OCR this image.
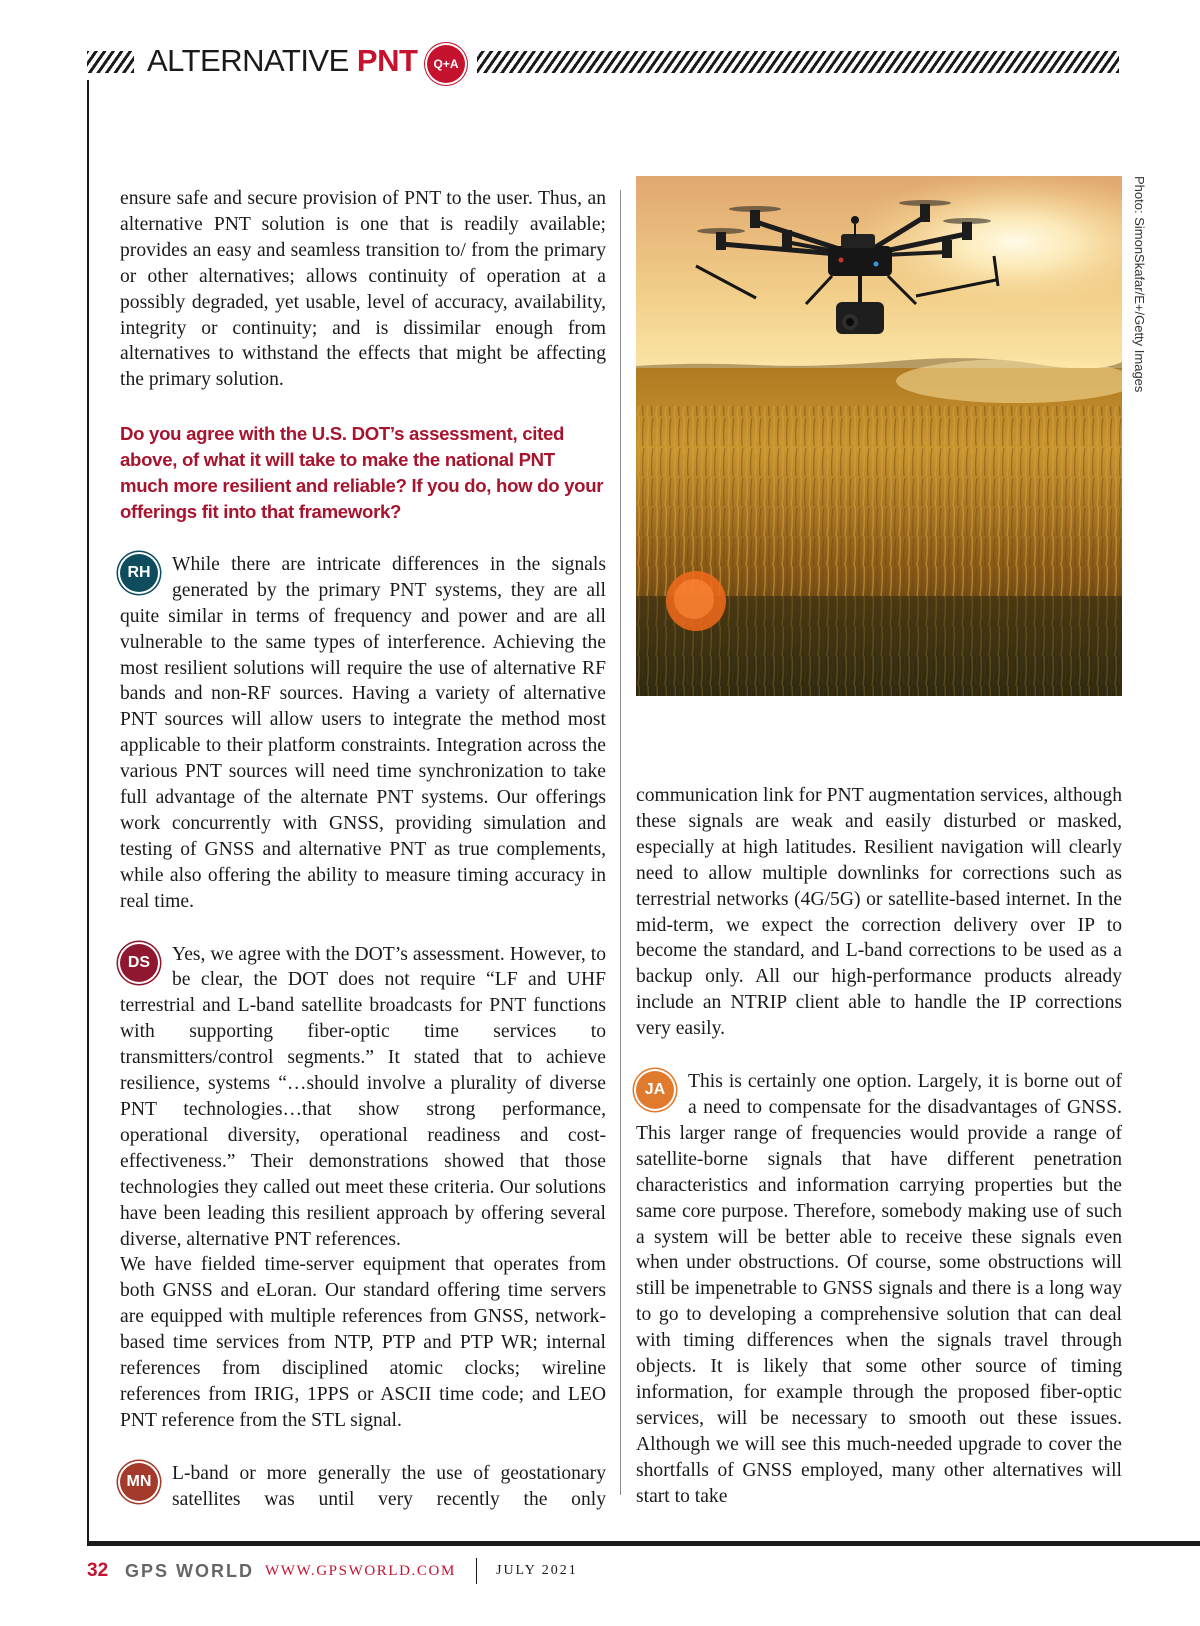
ALTERNATIVE PNT	Q+A

ensure safe and secure provision of PNT to the user. Thus, an alternative PNT solution is one that is readily available; provides an easy and seamless transition to/ from the primary or other alternatives; allows continuity of operation at a possibly degraded, yet usable, level of accuracy, availability, integrity or continuity; and is dissimilar enough from alternatives to withstand the effects that might be affecting the primary solution.

Do you agree with the U.S. DOT’s assessment, cited above, of what it will take to make the national PNT much more resilient and reliable? If you do, how do your offerings fit into that framework?

RH	While there are intricate differences in the signals generated by the primary PNT systems, they are all quite similar in terms of frequency and power and are all vulnerable to the same types of interference. Achieving the most resilient solutions will require the use of alternative RF bands and non-RF sources. Having a variety of alternative PNT sources will allow users to integrate the method most applicable to their platform constraints. Integration across the various PNT sources will need time synchronization to take full advantage of the alternate PNT systems. Our offerings work concurrently with GNSS, providing simulation and testing of GNSS and alternative PNT as true complements, while also offering the ability to measure timing accuracy in real time.
DS	Yes, we agree with the DOT’s assessment. However, to be clear, the DOT does not require “LF and UHF terrestrial and L-band satellite broadcasts for PNT functions with supporting fiber-optic time services to transmitters/control segments.” It stated that to achieve resilience, systems “…should involve a plurality of diverse PNT technologies…that show strong performance, operational diversity, operational readiness and cost-effectiveness.” Their demonstrations showed that those technologies they called out meet these criteria. Our solutions have been leading this resilient approach by offering several diverse, alternative PNT references.

We have fielded time-server equipment that operates from both GNSS and eLoran. Our standard offering time servers are equipped with multiple references from GNSS, network-based time services from NTP, PTP and PTP WR; internal references from disciplined atomic clocks; wireline references from IRIG, 1PPS or ASCII time code; and LEO PNT reference from the STL signal.

MN	L-band or more generally the use of geostationary satellites was until very recently the only
Photo: SimonSkafar/E+/Getty Images

communication link for PNT augmentation services, although these signals are weak and easily disturbed or masked, especially at high latitudes. Resilient navigation will clearly need to allow multiple downlinks for corrections such as terrestrial networks (4G/5G) or satellite-based internet. In the mid-term, we expect the correction delivery over IP to become the standard, and L-band corrections to be used as a backup only. All our high-performance products already include an NTRIP client able to handle the IP corrections very easily.

JA	This is certainly one option. Largely, it is borne out of a need to compensate for the disadvantages of GNSS. This larger range of frequencies would provide a range of satellite-borne signals that have different penetration characteristics and information carrying properties but the same core purpose. Therefore, somebody making use of such a system will be better able to receive these signals even when under obstructions. Of course, some obstructions will still be impenetrable to GNSS signals and there is a long way to go to developing a comprehensive solution that can deal with timing differences when the signals travel through objects. It is likely that some other source of timing information, for example through the proposed fiber-optic services, will be necessary to smooth out these issues. Although we will see this much-needed upgrade to cover the shortfalls of GNSS employed, many other alternatives will start to take
32 GPS WORLD WWW.GPSWORLD.COM	JULY 2021
